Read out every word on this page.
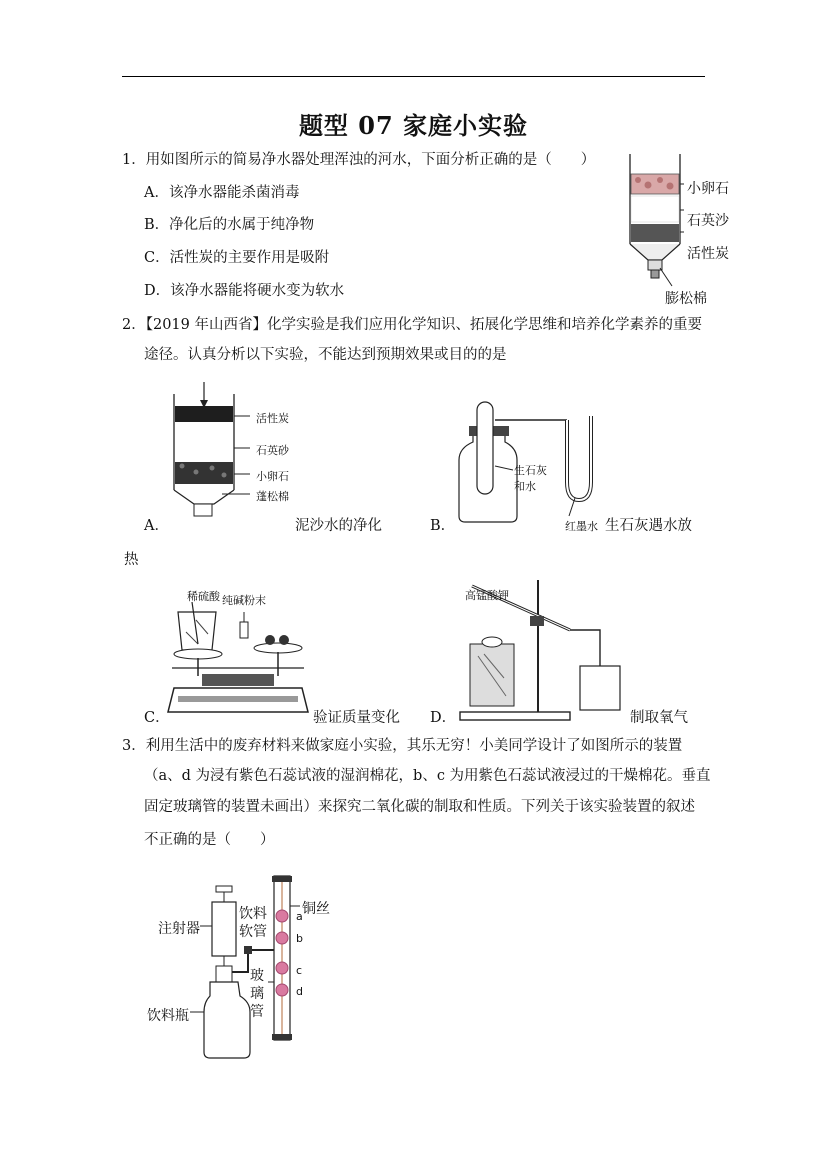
题型 07 家庭小实验
1．用如图所示的简易净水器处理浑浊的河水，下面分析正确的是（　　）
A．该净水器能杀菌消毒
B．净化后的水属于纯净物
C．活性炭的主要作用是吸附
D．该净水器能将硬水变为软水
小卵石
石英沙
活性炭
膨松棉
2．【2019 年山西省】化学实验是我们应用化学知识、拓展化学思维和培养化学素养的重要
途径。认真分析以下实验，不能达到预期效果或目的的是
活性炭
石英砂
小卵石
蓬松棉
A．	泥沙水的净化
生石灰
和水
红墨水
B．	生石灰遇水放
热
稀硫酸 纯碱粉末
C．	验证质量变化
高锰酸钾
D．	制取氧气
3．利用生活中的废弃材料来做家庭小实验，其乐无穷！小美同学设计了如图所示的装置
（a、d 为浸有紫色石蕊试液的湿润棉花，b、c 为用紫色石蕊试液浸过的干燥棉花。垂直
固定玻璃管的装置未画出）来探究二氧化碳的制取和性质。下列关于该实验装置的叙述
不正确的是（　　）
注射器
饮料
软管
铜丝
玻
璃
管
饮料瓶
a
b
c
d
